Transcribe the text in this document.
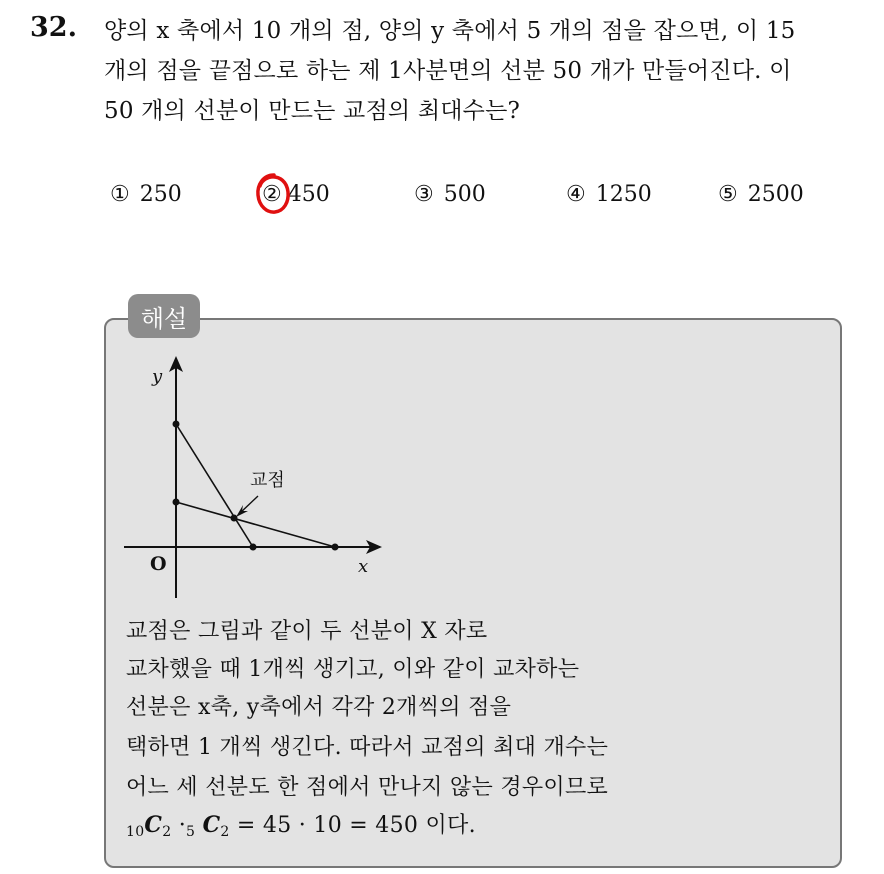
32. 양의 x 축에서 10 개의 점, 양의 y 축에서 5 개의 점을 잡으면, 이 15
개의 점을 끝점으로 하는 제 1사분면의 선분 50 개가 만들어진다. 이
50 개의 선분이 만드는 교점의 최대수는?
① 250	② 450	③ 500	④ 1250	⑤ 2500
해설
y
x
O
교점
교점은 그림과 같이 두 선분이 X 자로
교차했을 때 1개씩 생기고, 이와 같이 교차하는
선분은 x축, y축에서 각각 2개씩의 점을
택하면 1 개씩 생긴다. 따라서 교점의 최대 개수는
어느 세 선분도 한 점에서 만나지 않는 경우이므로
$_{10}C_2 \cdot_5$ $C_2 = 45 \cdot 10 = 450$ 이다.
